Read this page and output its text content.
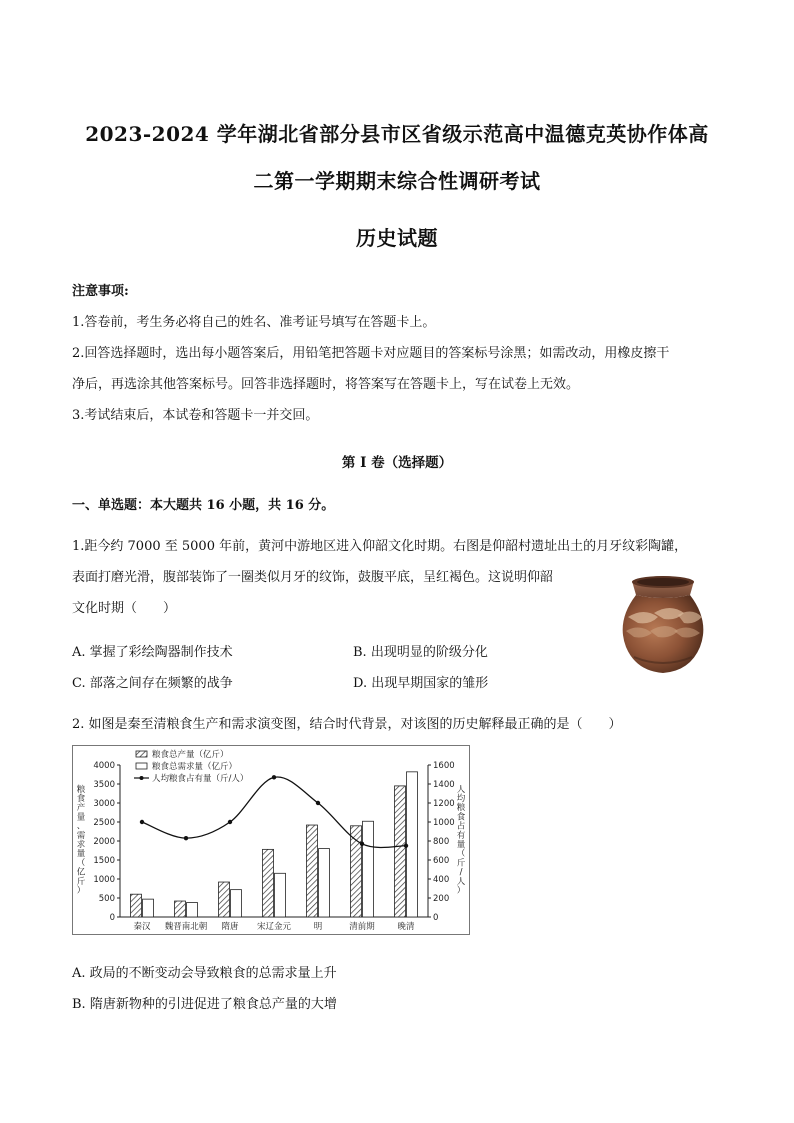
2023-2024 学年湖北省部分县市区省级示范高中温德克英协作体高
二第一学期期末综合性调研考试
历史试题
注意事项:
1.答卷前，考生务必将自己的姓名、准考证号填写在答题卡上。
2.回答选择题时，选出每小题答案后，用铅笔把答题卡对应题目的答案标号涂黑；如需改动，用橡皮擦干
净后，再选涂其他答案标号。回答非选择题时，将答案写在答题卡上，写在试卷上无效。
3.考试结束后，本试卷和答题卡一并交回。
第 I 卷（选择题）
一、单选题：本大题共 16 小题，共 16 分。
1.距今约 7000 至 5000 年前，黄河中游地区进入仰韶文化时期。右图是仰韶村遗址出土的月牙纹彩陶罐，
表面打磨光滑，腹部装饰了一圈类似月牙的纹饰，鼓腹平底，呈红褐色。这说明仰韶
文化时期（　　）
A. 掌握了彩绘陶器制作技术	B. 出现明显的阶级分化
C. 部落之间存在频繁的战争	D. 出现早期国家的雏形
2. 如图是秦至清粮食生产和需求演变图，结合时代背景，对该图的历史解释最正确的是（　　）
0
500
1000
1500
2000
2500
3000
3500
4000
0
200
400
600
800
1000
1200
1400
1600
粮食产量、需求量（亿斤）
人均粮食占有量（斤/人）
秦汉 魏晋南北朝 隋唐 宋辽金元	明	清前期	晚清
粮食总产量（亿斤）
粮食总需求量（亿斤）
人均粮食占有量（斤/人）
A. 政局的不断变动会导致粮食的总需求量上升
B. 隋唐新物种的引进促进了粮食总产量的大增
